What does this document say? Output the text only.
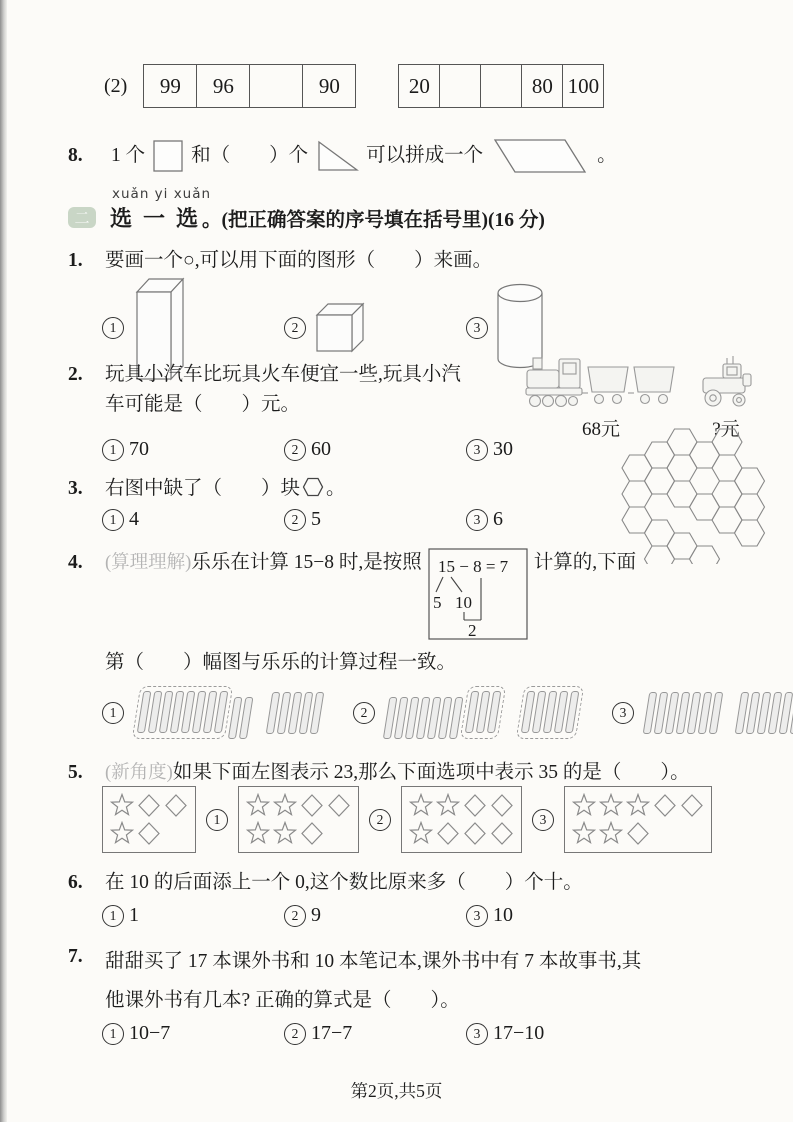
(2) 99	96		90	20			80	100
8.	1 个 和（　　）个	可以拼成一个	。
xuǎn yi xuǎn
二 选一选
。(把正确答案的序号填在括号里)(16 分)
1.	要画一个○,可以用下面的图形（　　）来画。
1	2	3
2.	玩具小汽车比玩具火车便宜一些,玩具小汽
车可能是（　　）元。
68元	?元
1 70	2 60	3 30
3.	右图中缺了（　　）块 。
1 4	2 5	3 6
4.	(算理理解) 乐乐在计算 15−8 时,是按照 15 − 8 = 7
5 10
2
计算的,下面
第（　　）幅图与乐乐的计算过程一致。
1	2	3
5.	(新角度) 如果下面左图表示 23,那么下面选项中表示 35 的是（　　）。
1	2	3
6.	在 10 的后面添上一个 0,这个数比原来多（　　）个十。
1 1	2 9	3 10
7.	甜甜买了 17 本课外书和 10 本笔记本,课外书中有 7 本故事书,其
他课外书有几本? 正确的算式是（　　）。
1 10−7	2 17−7	3 17−10
第2页,共5页
